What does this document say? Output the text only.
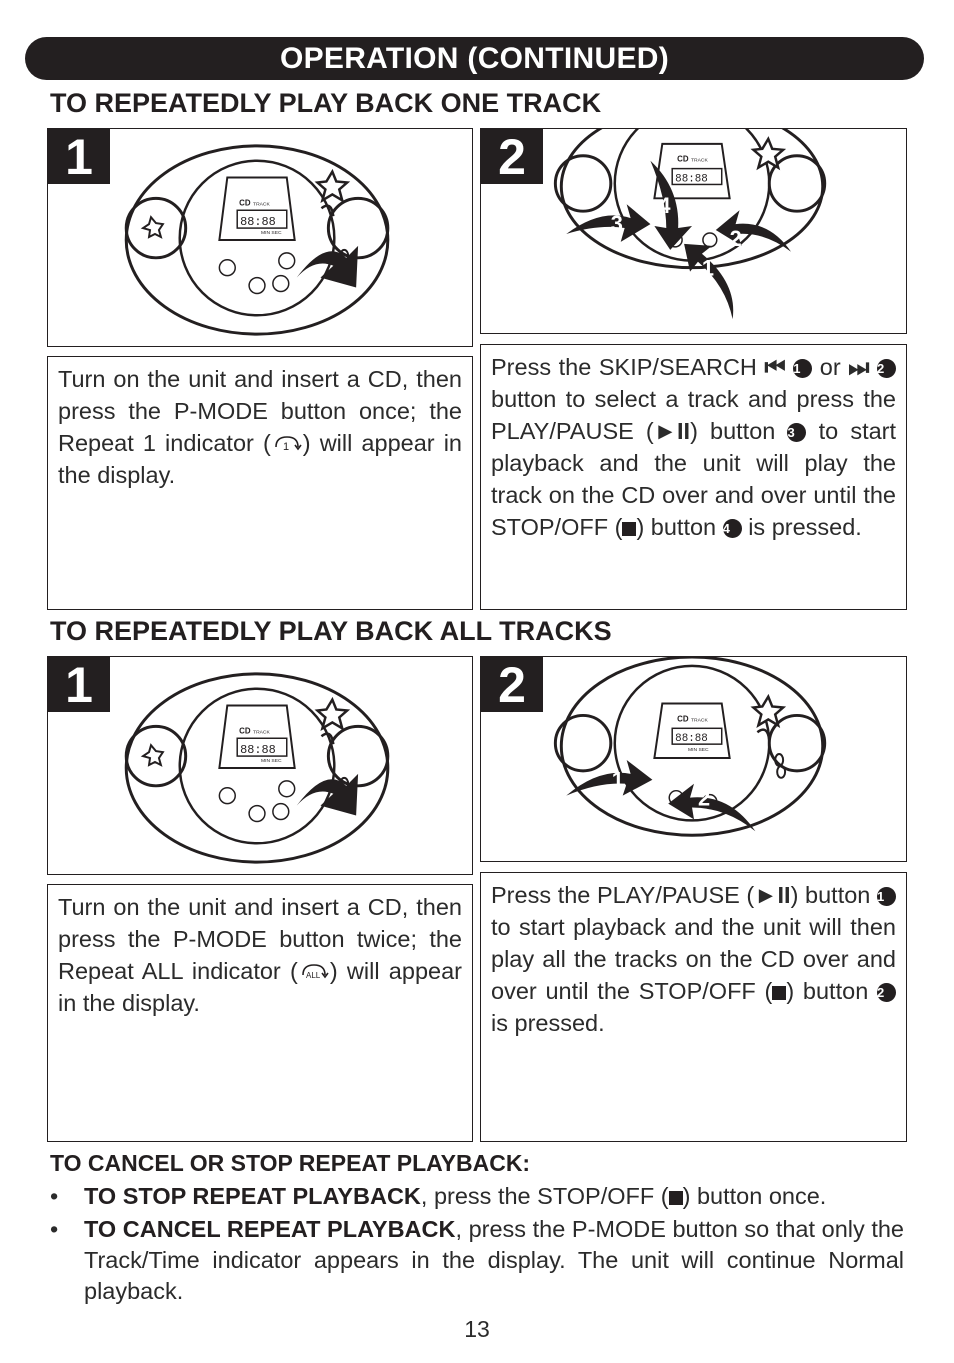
OPERATION (CONTINUED)
TO REPEATEDLY PLAY BACK ONE TRACK
CD TRACK
88:88
MIN SEC
1	CD TRACK
88:88
3
4
2
1
2

Turn on the unit and insert a CD, then press the P-MODE button once; the Repeat 1 indicator ( 1 ) will appear in the display.

Press the SKIP/SEARCH ⏮ 1 or ⏭ 2 button to select a track and press the PLAY/PAUSE (►II) button 3 to start playback and the unit will play the track on the CD over and over until the STOP/OFF ( ) button 4 is pressed.

TO REPEATEDLY PLAY BACK ALL TRACKS
CD TRACK
88:88
MIN SEC
1
CD TRACK
88:88
MIN SEC
1
2
2

Turn on the unit and insert a CD, then press the P-MODE button twice; the Repeat ALL indicator ( ALL ) will appear in the display.

Press the PLAY/PAUSE (►II) button 1 to start playback and the unit will then play all the tracks on the CD over and over until the STOP/OFF ( ) button 2 is pressed.

TO CANCEL OR STOP REPEAT PLAYBACK:
•	TO STOP REPEAT PLAYBACK, press the STOP/OFF ( ) button once.
•	TO CANCEL REPEAT PLAYBACK, press the P-MODE button so that only the Track/Time indicator appears in the display. The unit will continue Normal playback.
13
